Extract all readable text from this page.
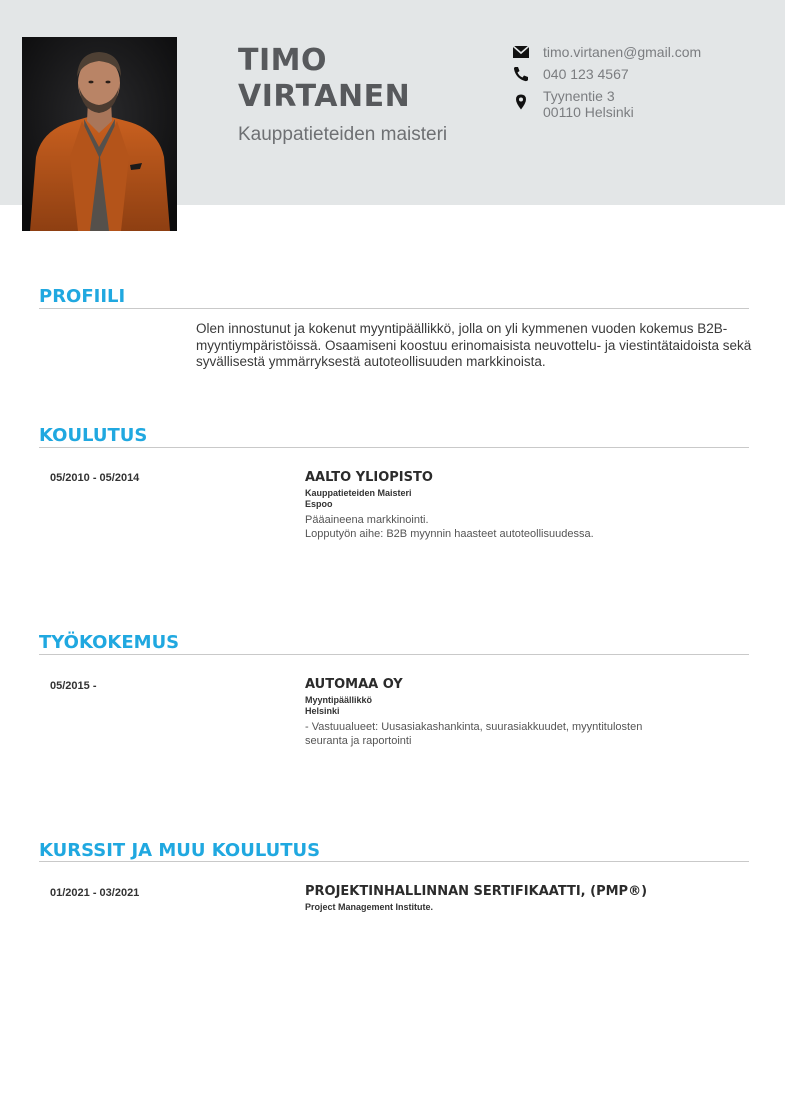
TIMO
VIRTANEN
Kauppatieteiden maisteri
timo.virtanen@gmail.com
040 123 4567
Tyynentie 3
00110 Helsinki
PROFIILI
Olen innostunut ja kokenut myyntipäällikkö, jolla on yli kymmenen vuoden kokemus B2B-myyntiympäristöissä. Osaamiseni koostuu erinomaisista neuvottelu- ja viestintätaidoista sekä syvällisestä ymmärryksestä autoteollisuuden markkinoista.
KOULUTUS
05/2010 - 05/2014	AALTO YLIOPISTO
Kauppatieteiden Maisteri
Espoo
Pääaineena markkinointi.
Lopputyön aihe: B2B myynnin haasteet autoteollisuudessa.
TYÖKOKEMUS
05/2015 -	AUTOMAA OY
Myyntipäällikkö
Helsinki
- Vastuualueet: Uusasiakashankinta, suurasiakkuudet, myyntitulosten
seuranta ja raportointi
KURSSIT JA MUU KOULUTUS
01/2021 - 03/2021	PROJEKTINHALLINNAN SERTIFIKAATTI, (PMP®)
Project Management Institute.
